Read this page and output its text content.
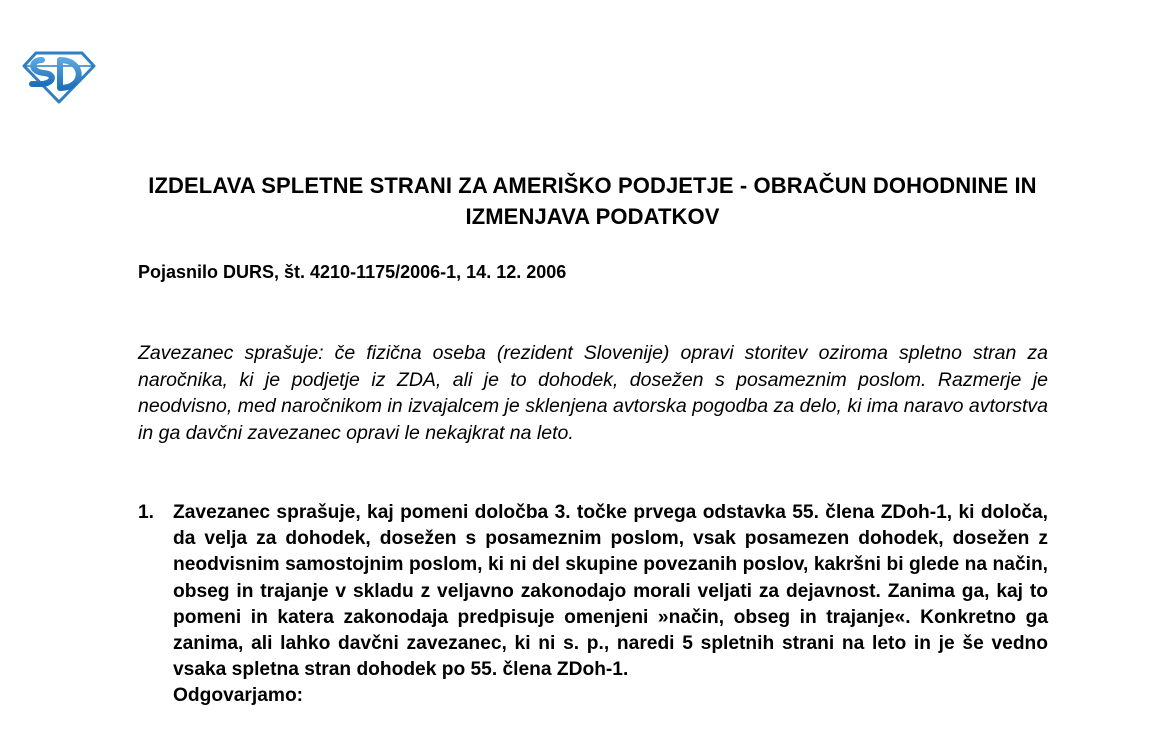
IZDELAVA SPLETNE STRANI ZA AMERIŠKO PODJETJE - OBRAČUN DOHODNINE IN IZMENJAVA PODATKOV
Pojasnilo DURS, št. 4210-1175/2006-1, 14. 12. 2006

Zavezanec sprašuje: če fizična oseba (rezident Slovenije) opravi storitev oziroma spletno stran za naročnika, ki je podjetje iz ZDA, ali je to dohodek, dosežen s posameznim poslom. Razmerje je neodvisno, med naročnikom in izvajalcem je sklenjena avtorska pogodba za delo, ki ima naravo avtorstva in ga davčni zavezanec opravi le nekajkrat na leto.

1. Zavezanec sprašuje, kaj pomeni določba 3. točke prvega odstavka 55. člena ZDoh-1, ki določa, da velja za dohodek, dosežen s posameznim poslom, vsak posamezen dohodek, dosežen z neodvisnim samostojnim poslom, ki ni del skupine povezanih poslov, kakršni bi glede na način, obseg in trajanje v skladu z veljavno zakonodajo morali veljati za dejavnost. Zanima ga, kaj to pomeni in katera zakonodaja predpisuje omenjeni »način, obseg in trajanje«. Konkretno ga zanima, ali lahko davčni zavezanec, ki ni s. p., naredi 5 spletnih strani na leto in je še vedno vsaka spletna stran dohodek po 55. člena ZDoh-1.
Odgovarjamo:
